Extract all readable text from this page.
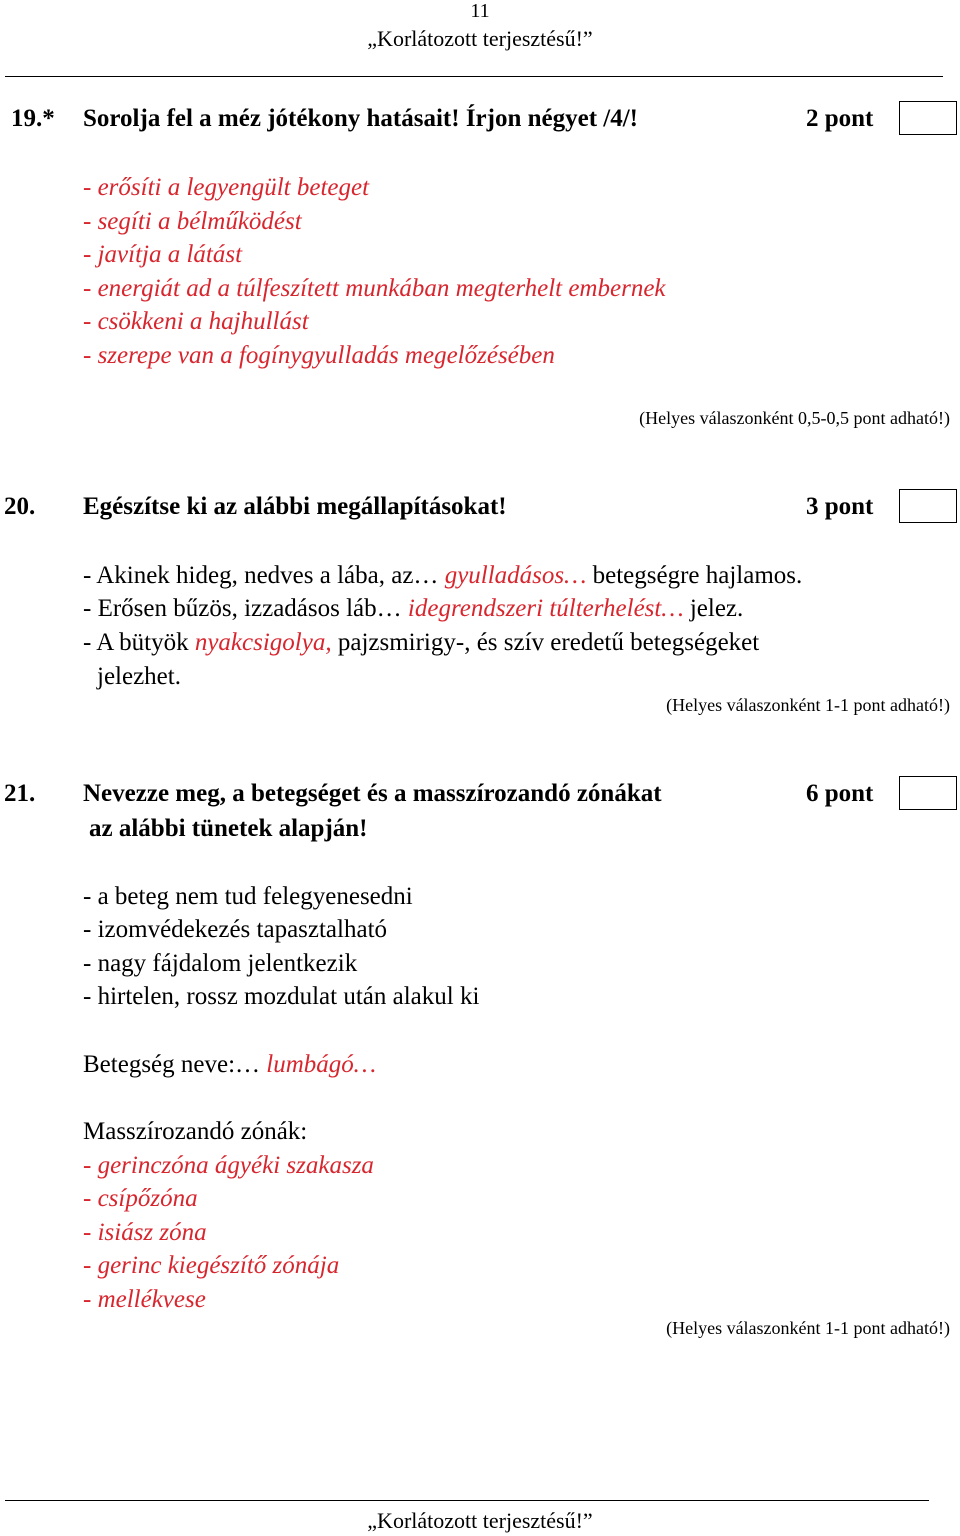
11
„Korlátozott terjesztésű!”
19.* Sorolja fel a méz jótékony hatásait! Írjon négyet /4/!	2 pont
- erősíti a legyengült beteget
- segíti a bélműködést
- javítja a látást
- energiát ad a túlfeszített munkában megterhelt embernek
- csökkeni a hajhullást
- szerepe van a fogínygyulladás megelőzésében
(Helyes válaszonként 0,5-0,5 pont adható!)
20. Egészítse ki az alábbi megállapításokat!	3 pont
- Akinek hideg, nedves a lába, az… gyulladásos… betegségre hajlamos.
- Erősen bűzös, izzadásos láb… idegrendszeri túlterhelést… jelez.
- A bütyök nyakcsigolya, pajzsmirigy-, és szív eredetű betegségeket
jelezhet.
(Helyes válaszonként 1-1 pont adható!)
21. Nevezze meg, a betegséget és a masszírozandó zónákat
az alábbi tünetek alapján!
6 pont
- a beteg nem tud felegyenesedni
- izomvédekezés tapasztalható
- nagy fájdalom jelentkezik
- hirtelen, rossz mozdulat után alakul ki
Betegség neve:… lumbágó…
Masszírozandó zónák:
- gerinczóna ágyéki szakasza
- csípőzóna
- isiász zóna
- gerinc kiegészítő zónája
- mellékvese
(Helyes válaszonként 1-1 pont adható!)
„Korlátozott terjesztésű!”
